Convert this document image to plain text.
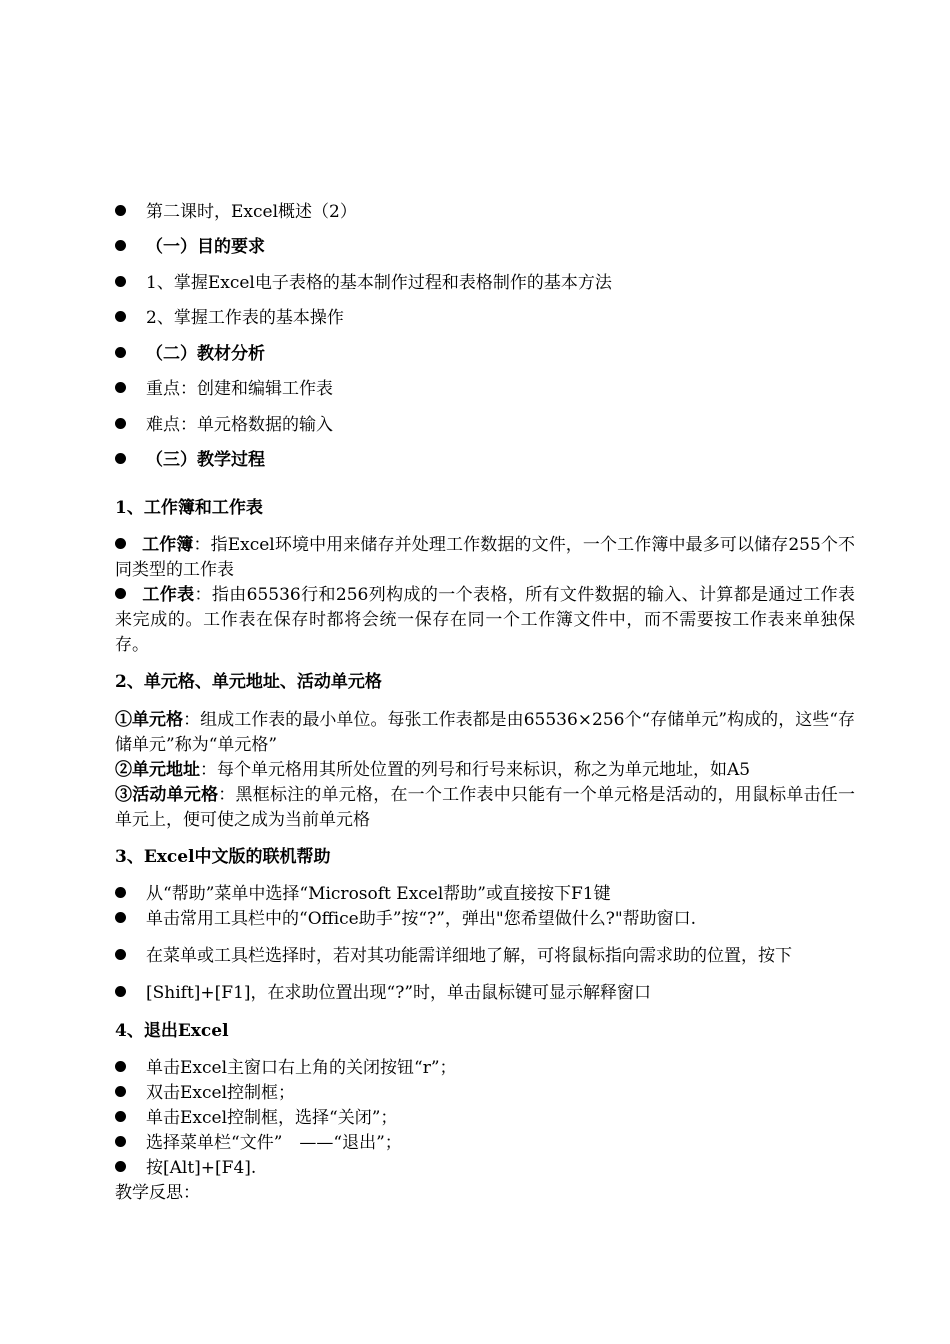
第二课时，Excel概述（2）
（一）目的要求
1、掌握Excel电子表格的基本制作过程和表格制作的基本方法
2、掌握工作表的基本操作
（二）教材分析
重点：创建和编辑工作表
难点：单元格数据的输入
（三）教学过程
1、工作簿和工作表
工作簿：指Excel环境中用来储存并处理工作数据的文件，一个工作簿中最多可以储存255个不同类型的工作表
工作表：指由65536行和256列构成的一个表格，所有文件数据的输入、计算都是通过工作表来完成的。工作表在保存时都将会统一保存在同一个工作簿文件中，而不需要按工作表来单独保存。
2、单元格、单元地址、活动单元格
①单元格：组成工作表的最小单位。每张工作表都是由65536×256个“存储单元”构成的，这些“存储单元”称为“单元格”
②单元地址：每个单元格用其所处位置的列号和行号来标识，称之为单元地址，如A5
③活动单元格：黑框标注的单元格，在一个工作表中只能有一个单元格是活动的，用鼠标单击任一单元上，便可使之成为当前单元格
3、Excel中文版的联机帮助
从“帮助”菜单中选择“Microsoft Excel帮助”或直接按下F1键
单击常用工具栏中的“Office助手”按“?”，弹出"您希望做什么?"帮助窗口.
在菜单或工具栏选择时，若对其功能需详细地了解，可将鼠标指向需求助的位置，按下
[Shift]+[F1]，在求助位置出现“?”时，单击鼠标键可显示解释窗口
4、退出Excel
单击Excel主窗口右上角的关闭按钮“r”；
双击Excel控制框；
单击Excel控制框，选择“关闭”；
选择菜单栏“文件”　——“退出”；
按[Alt]+[F4].
教学反思：
